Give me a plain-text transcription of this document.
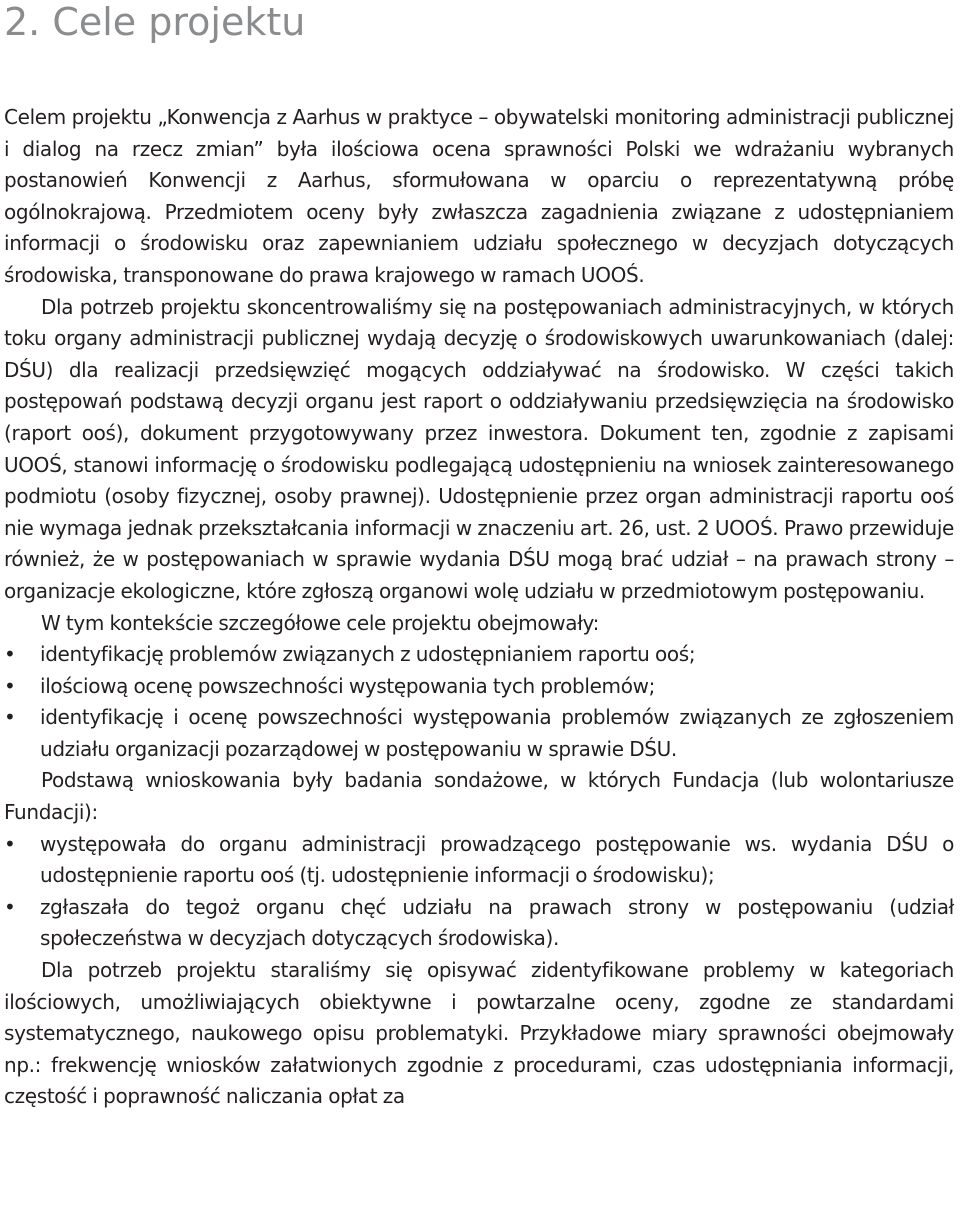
2. Cele projektu

Celem projektu „Konwencja z Aarhus w praktyce – obywatelski monitoring administracji publicznej i dialog na rzecz zmian” była ilościowa ocena sprawności Polski we wdrażaniu wybranych postanowień Konwencji z Aarhus, sformułowana w oparciu o reprezentatywną próbę ogólnokrajową. Przedmiotem oceny były zwłaszcza zagadnienia związane z udostępnianiem informacji o środowisku oraz zapewnianiem udziału społecznego w decyzjach dotyczących środowiska, transponowane do prawa krajowego w ramach UOOŚ.

Dla potrzeb projektu skoncentrowaliśmy się na postępowaniach administracyjnych, w których toku organy administracji publicznej wydają decyzję o środowiskowych uwarunkowaniach (dalej: DŚU) dla realizacji przedsięwzięć mogących oddziaływać na środowisko. W części takich postępowań podstawą decyzji organu jest raport o oddziaływaniu przedsięwzięcia na środowisko (raport ooś), dokument przygotowywany przez inwestora. Dokument ten, zgodnie z zapisami UOOŚ, stanowi informację o środowisku podlegającą udostępnieniu na wniosek zainteresowanego podmiotu (osoby fizycznej, osoby prawnej). Udostępnienie przez organ administracji raportu ooś nie wymaga jednak przekształcania informacji w znaczeniu art. 26, ust. 2 UOOŚ. Prawo przewiduje również, że w postępowaniach w sprawie wydania DŚU mogą brać udział – na prawach strony – organizacje ekologiczne, które zgłoszą organowi wolę udziału w przedmiotowym postępowaniu.

W tym kontekście szczegółowe cele projektu obejmowały:

• identyfikację problemów związanych z udostępnianiem raportu ooś;
• ilościową ocenę powszechności występowania tych problemów;
• identyfikację i ocenę powszechności występowania problemów związanych ze zgłoszeniem udziału organizacji pozarządowej w postępowaniu w sprawie DŚU.

Podstawą wnioskowania były badania sondażowe, w których Fundacja (lub wolontariusze Fundacji):

• występowała do organu administracji prowadzącego postępowanie ws. wydania DŚU o udostępnienie raportu ooś (tj. udostępnienie informacji o środowisku);
• zgłaszała do tegoż organu chęć udziału na prawach strony w postępowaniu (udział społeczeństwa w decyzjach dotyczących środowiska).

Dla potrzeb projektu staraliśmy się opisywać zidentyfikowane problemy w kategoriach ilościowych, umożliwiających obiektywne i powtarzalne oceny, zgodne ze standardami systematycznego, naukowego opisu problematyki. Przykładowe miary sprawności obejmowały np.: frekwencję wniosków załatwionych zgodnie z procedurami, czas udostępniania informacji, częstość i poprawność naliczania opłat za
